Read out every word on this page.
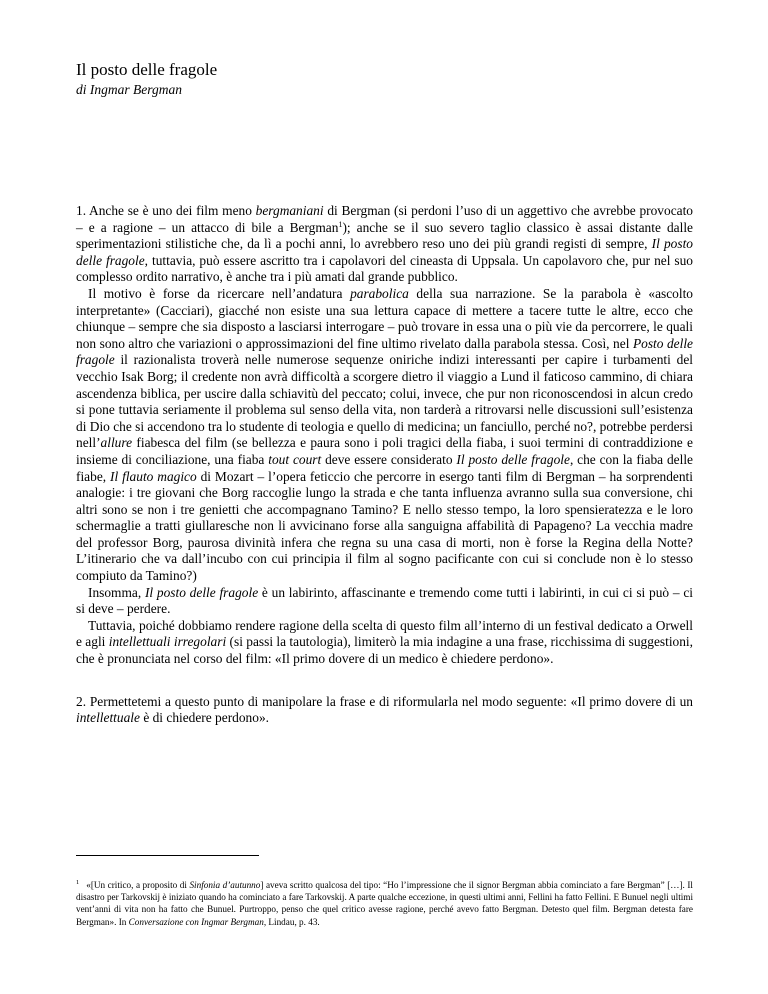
Il posto delle fragole
di Ingmar Bergman

1. Anche se è uno dei film meno bergmaniani di Bergman (si perdoni l’uso di un aggettivo che avrebbe provocato – e a ragione – un attacco di bile a Bergman$^1$); anche se il suo severo taglio classico è assai distante dalle sperimentazioni stilistiche che, da lì a pochi anni, lo avrebbero reso uno dei più grandi registi di sempre, Il posto delle fragole, tuttavia, può essere ascritto tra i capolavori del cineasta di Uppsala. Un capolavoro che, pur nel suo complesso ordito narrativo, è anche tra i più amati dal grande pubblico.

Il motivo è forse da ricercare nell’andatura parabolica della sua narrazione. Se la parabola è «ascolto interpretante» (Cacciari), giacché non esiste una sua lettura capace di mettere a tacere tutte le altre, ecco che chiunque – sempre che sia disposto a lasciarsi interrogare – può trovare in essa una o più vie da percorrere, le quali non sono altro che variazioni o approssimazioni del fine ultimo rivelato dalla parabola stessa. Così, nel Posto delle fragole il razionalista troverà nelle numerose sequenze oniriche indizi interessanti per capire i turbamenti del vecchio Isak Borg; il credente non avrà difficoltà a scorgere dietro il viaggio a Lund il faticoso cammino, di chiara ascendenza biblica, per uscire dalla schiavitù del peccato; colui, invece, che pur non riconoscendosi in alcun credo si pone tuttavia seriamente il problema sul senso della vita, non tarderà a ritrovarsi nelle discussioni sull’esistenza di Dio che si accendono tra lo studente di teologia e quello di medicina; un fanciullo, perché no?, potrebbe perdersi nell’allure fiabesca del film (se bellezza e paura sono i poli tragici della fiaba, i suoi termini di contraddizione e insieme di conciliazione, una fiaba tout court deve essere considerato Il posto delle fragole, che con la fiaba delle fiabe, Il flauto magico di Mozart – l’opera feticcio che percorre in esergo tanti film di Bergman – ha sorprendenti analogie: i tre giovani che Borg raccoglie lungo la strada e che tanta influenza avranno sulla sua conversione, chi altri sono se non i tre genietti che accompagnano Tamino? E nello stesso tempo, la loro spensieratezza e le loro schermaglie a tratti giullaresche non li avvicinano forse alla sanguigna affabilità di Papageno? La vecchia madre del professor Borg, paurosa divinità infera che regna su una casa di morti, non è forse la Regina della Notte? L’itinerario che va dall’incubo con cui principia il film al sogno pacificante con cui si conclude non è lo stesso compiuto da Tamino?)

Insomma, Il posto delle fragole è un labirinto, affascinante e tremendo come tutti i labirinti, in cui ci si può – ci si deve – perdere.

Tuttavia, poiché dobbiamo rendere ragione della scelta di questo film all’interno di un festival dedicato a Orwell e agli intellettuali irregolari (si passi la tautologia), limiterò la mia indagine a una frase, ricchissima di suggestioni, che è pronunciata nel corso del film: «Il primo dovere di un medico è chiedere perdono».

2. Permettetemi a questo punto di manipolare la frase e di riformularla nel modo seguente: «Il primo dovere di un intellettuale è di chiedere perdono».

$^1$ «[Un critico, a proposito di Sinfonia d’autunno] aveva scritto qualcosa del tipo: “Ho l’impressione che il signor Bergman abbia cominciato a fare Bergman” […]. Il disastro per Tarkovskij è iniziato quando ha cominciato a fare Tarkovskij. A parte qualche eccezione, in questi ultimi anni, Fellini ha fatto Fellini. E Bunuel negli ultimi vent’anni di vita non ha fatto che Bunuel. Purtroppo, penso che quel critico avesse ragione, perché avevo fatto Bergman. Detesto quel film. Bergman detesta fare Bergman». In Conversazione con Ingmar Bergman, Lindau, p. 43.
